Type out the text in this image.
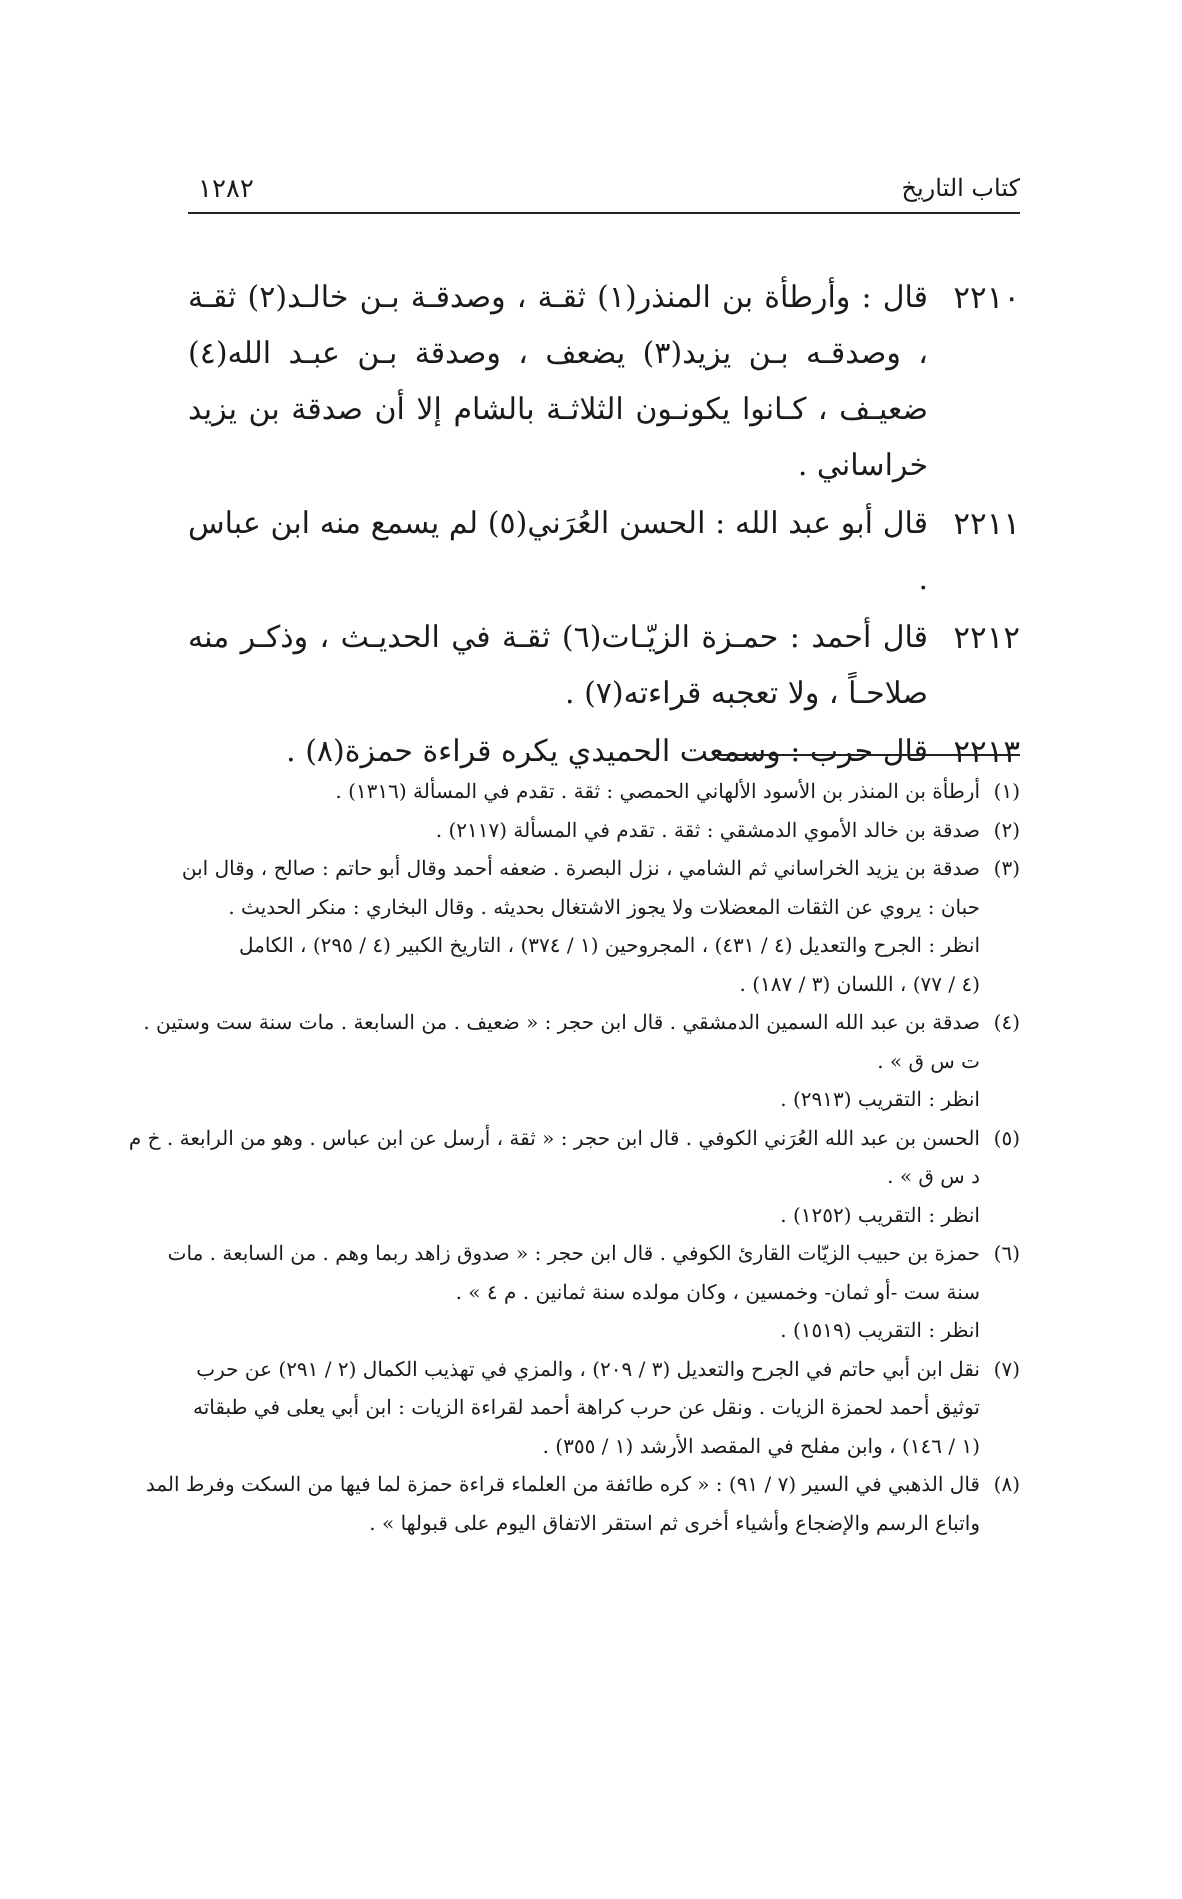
كتاب التاريخ
١٢٨٢
٢٢١٠
قال : وأرطأة بن المنذر(١) ثقـة ، وصدقـة بـن خالـد(٢) ثقـة ، وصدقـه بـن يزيد(٣) يضعف ، وصدقة بـن عبـد الله(٤) ضعيـف ، كـانوا يكونـون الثلاثـة بالشام إلا أن صدقة بن يزيد خراساني .
٢٢١١
قال أبو عبد الله : الحسن العُرَني(٥) لم يسمع منه ابن عباس .
٢٢١٢
قال أحمد : حمـزة الزيّـات(٦) ثقـة في الحديـث ، وذكـر منه صلاحـاً ، ولا تعجبه قراءته(٧) .
٢٢١٣
قال حرب : وسمعت الحميدي يكره قراءة حمزة(٨) .
(١)
أرطأة بن المنذر بن الأسود الألهاني الحمصي : ثقة . تقدم في المسألة (١٣١٦) .
(٢)
صدقة بن خالد الأموي الدمشقي : ثقة . تقدم في المسألة (٢١١٧) .
(٣)
صدقة بن يزيد الخراساني ثم الشامي ، نزل البصرة . ضعفه أحمد وقال أبو حاتم : صالح ، وقال ابن
حبان : يروي عن الثقات المعضلات ولا يجوز الاشتغال بحديثه . وقال البخاري : منكر الحديث .
انظر : الجرح والتعديل (٤ / ٤٣١) ، المجروحين (١ / ٣٧٤) ، التاريخ الكبير (٤ / ٢٩٥) ، الكامل
(٤ / ٧٧) ، اللسان (٣ / ١٨٧) .
(٤)
صدقة بن عبد الله السمين الدمشقي . قال ابن حجر : « ضعيف . من السابعة . مات سنة ست وستين .
ت س ق » .
انظر : التقريب (٢٩١٣) .
(٥)
الحسن بن عبد الله العُرَني الكوفي . قال ابن حجر : « ثقة ، أرسل عن ابن عباس . وهو من الرابعة . خ م
د س ق » .
انظر : التقريب (١٢٥٢) .
(٦)
حمزة بن حبيب الزيّات القارئ الكوفي . قال ابن حجر : « صدوق زاهد ربما وهم . من السابعة . مات
سنة ست -أو ثمان- وخمسين ، وكان مولده سنة ثمانين . م ٤ » .
انظر : التقريب (١٥١٩) .
(٧)
نقل ابن أبي حاتم في الجرح والتعديل (٣ / ٢٠٩) ، والمزي في تهذيب الكمال (٢ / ٢٩١) عن حرب
توثيق أحمد لحمزة الزيات . ونقل عن حرب كراهة أحمد لقراءة الزيات : ابن أبي يعلى في طبقاته
(١ / ١٤٦) ، وابن مفلح في المقصد الأرشد (١ / ٣٥٥) .
(٨)
قال الذهبي في السير (٧ / ٩١) : « كره طائفة من العلماء قراءة حمزة لما فيها من السكت وفرط المد
واتباع الرسم والإضجاع وأشياء أخرى ثم استقر الاتفاق اليوم على قبولها » .
